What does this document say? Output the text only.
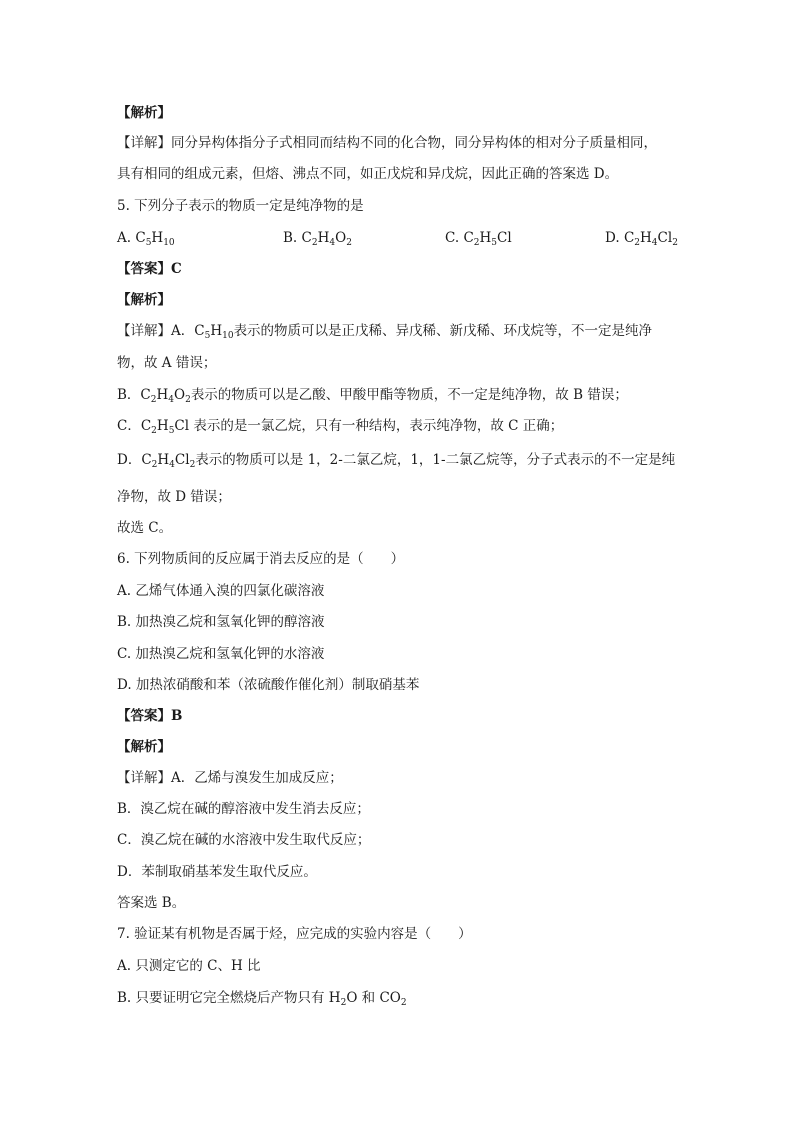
【解析】
【详解】同分异构体指分子式相同而结构不同的化合物，同分异构体的相对分子质量相同，
具有相同的组成元素，但熔、沸点不同，如正戊烷和异戊烷，因此正确的答案选 D。
5. 下列分子表示的物质一定是纯净物的是
A. $C_5H_{10}$	B. $C_2H_4O_2$	C. $C_2H_5Cl$	D. $C_2H_4Cl_2$
【答案】C
【解析】
【详解】A．$C_5H_{10}$表示的物质可以是正戊稀、异戊稀、新戊稀、环戊烷等，不一定是纯净
物，故 A 错误；
B．$C_2H_4O_2$表示的物质可以是乙酸、甲酸甲酯等物质，不一定是纯净物，故 B 错误；
C．$C_2H_5Cl$ 表示的是一氯乙烷，只有一种结构，表示纯净物，故 C 正确；
D．$C_2H_4Cl_2$表示的物质可以是 1，2-二氯乙烷，1，1-二氯乙烷等，分子式表示的不一定是纯
净物，故 D 错误；
故选 C。
6. 下列物质间的反应属于消去反应的是（　　）
A. 乙烯气体通入溴的四氯化碳溶液
B. 加热溴乙烷和氢氧化钾的醇溶液
C. 加热溴乙烷和氢氧化钾的水溶液
D. 加热浓硝酸和苯（浓硫酸作催化剂）制取硝基苯
【答案】B
【解析】
【详解】A．乙烯与溴发生加成反应；
B．溴乙烷在碱的醇溶液中发生消去反应；
C．溴乙烷在碱的水溶液中发生取代反应；
D．苯制取硝基苯发生取代反应。
答案选 B。
7. 验证某有机物是否属于烃，应完成的实验内容是（　　）
A. 只测定它的 C、H 比
B. 只要证明它完全燃烧后产物只有 $H_2O$ 和 $CO_2$
